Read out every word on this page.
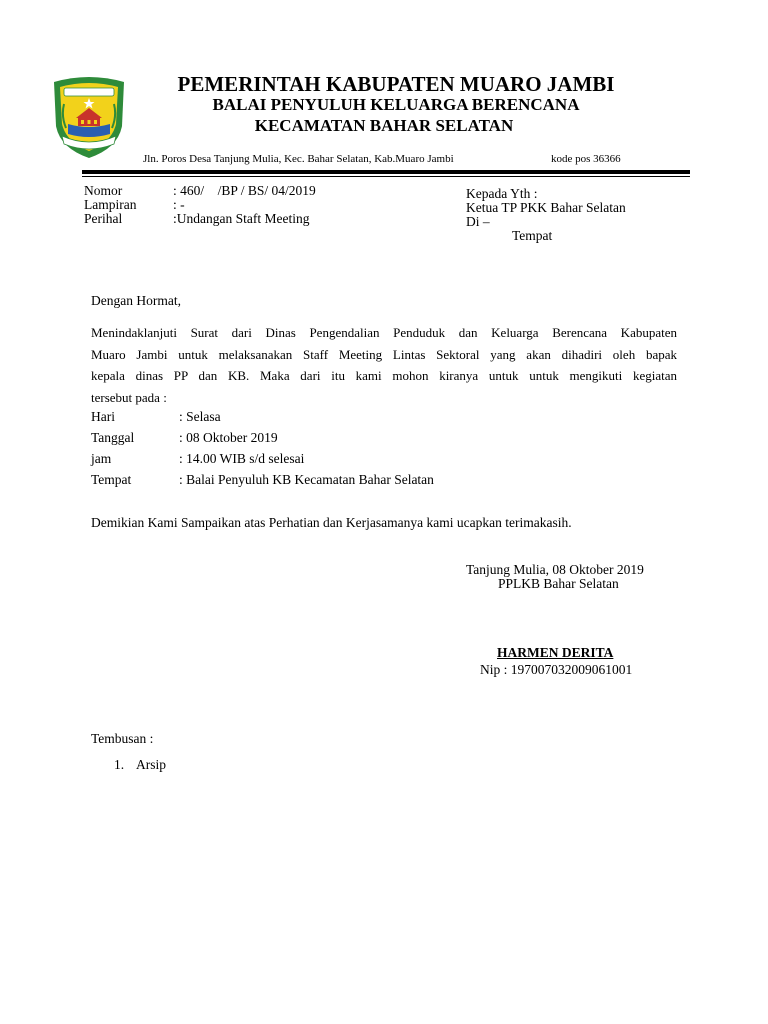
PEMERINTAH KABUPATEN MUARO JAMBI
BALAI PENYULUH KELUARGA BERENCANA
KECAMATAN BAHAR SELATAN
Jln. Poros Desa Tanjung Mulia, Kec. Bahar Selatan, Kab.Muaro Jambi	kode pos 36366
Nomor	: 460/    /BP / BS/ 04/2019
Lampiran	: -
Perihal	:Undangan Staft Meeting
Kepada Yth :
Ketua TP PKK Bahar Selatan
Di –
Tempat
Dengan Hormat,
Menindaklanjuti Surat dari Dinas Pengendalian Penduduk dan Keluarga Berencana Kabupaten
Muaro Jambi untuk melaksanakan Staff Meeting Lintas Sektoral yang akan dihadiri oleh bapak
kepala dinas PP dan KB. Maka dari itu kami mohon kiranya untuk untuk mengikuti kegiatan
tersebut pada :
Hari	: Selasa
Tanggal	: 08 Oktober 2019
jam	: 14.00 WIB s/d selesai
Tempat	: Balai Penyuluh KB Kecamatan Bahar Selatan
Demikian Kami Sampaikan atas Perhatian dan Kerjasamanya kami ucapkan terimakasih.
Tanjung Mulia, 08 Oktober 2019
PPLKB Bahar Selatan
HARMEN DERITA
Nip : 197007032009061001
Tembusan :
1. Arsip
